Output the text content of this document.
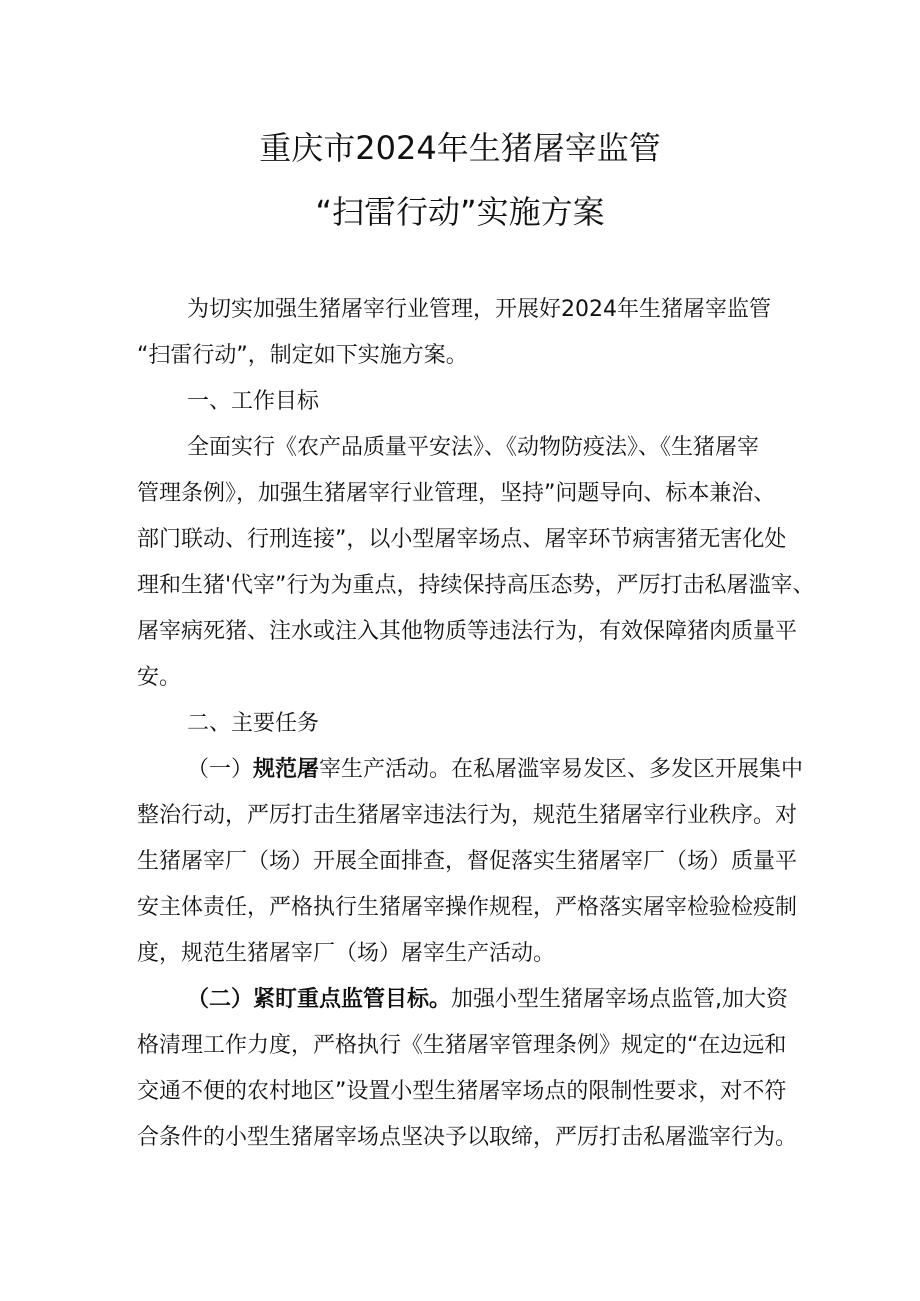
重庆市2024年生猪屠宰监管
“扫雷行动”实施方案
为切实加强生猪屠宰行业管理，开展好2024年生猪屠宰监管
“扫雷行动”，制定如下实施方案。
一、工作目标
全面实行《农产品质量平安法》、《动物防疫法》、《生猪屠宰
管理条例》，加强生猪屠宰行业管理，坚持”问题导向、标本兼治、
部门联动、行刑连接”，以小型屠宰场点、屠宰环节病害猪无害化处
理和生猪'代宰”行为为重点，持续保持高压态势，严厉打击私屠滥宰、
屠宰病死猪、注水或注入其他物质等违法行为，有效保障猪肉质量平
安。
二、主要任务
（一）规范屠宰生产活动。在私屠滥宰易发区、多发区开展集中
整治行动，严厉打击生猪屠宰违法行为，规范生猪屠宰行业秩序。对
生猪屠宰厂（场）开展全面排查，督促落实生猪屠宰厂（场）质量平
安主体责任，严格执行生猪屠宰操作规程，严格落实屠宰检验检疫制
度，规范生猪屠宰厂（场）屠宰生产活动。
（二）紧盯重点监管目标。加强小型生猪屠宰场点监管,加大资
格清理工作力度，严格执行《生猪屠宰管理条例》规定的“在边远和
交通不便的农村地区”设置小型生猪屠宰场点的限制性要求，对不符
合条件的小型生猪屠宰场点坚决予以取缔，严厉打击私屠滥宰行为。
